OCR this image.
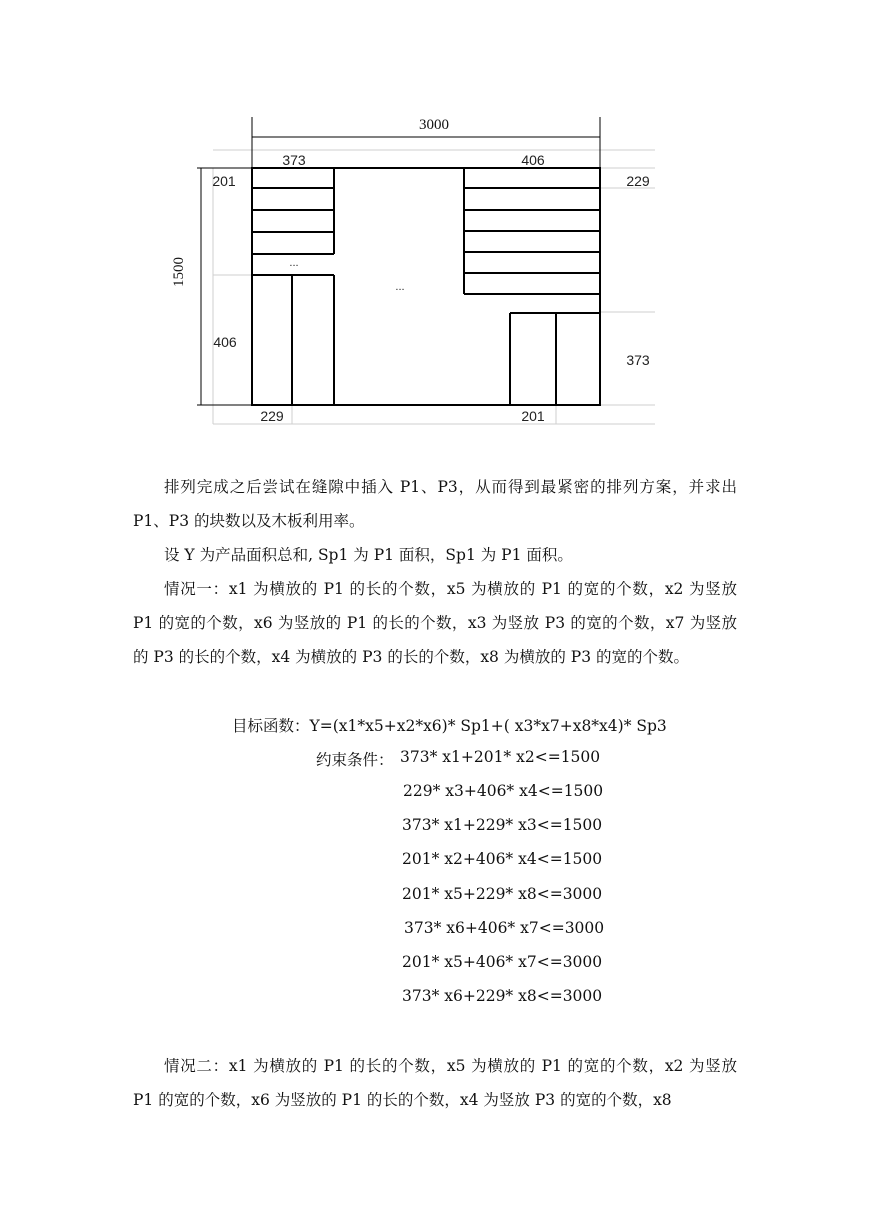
3000
1500
373	406
201	229
406
373
229	201
...
...
排列完成之后尝试在缝隙中插入 P1、P3，从而得到最紧密的排列方案，并求出 P1、P3 的块数以及木板利用率。
设 Y 为产品面积总和, Sp1 为 P1 面积，Sp1 为 P1 面积。
情况一：x1 为横放的 P1 的长的个数，x5 为横放的 P1 的宽的个数，x2 为竖放 P1 的宽的个数，x6 为竖放的 P1 的长的个数，x3 为竖放 P3 的宽的个数，x7 为竖放的 P3 的长的个数，x4 为横放的 P3 的长的个数，x8 为横放的 P3 的宽的个数。
目标函数：Y=(x1*x5+x2*x6)* Sp1+( x3*x7+x8*x4)* Sp3
约束条件： 373* x1+201* x2<=1500
229* x3+406* x4<=1500
373* x1+229* x3<=1500
201* x2+406* x4<=1500
201* x5+229* x8<=3000
373* x6+406* x7<=3000
201* x5+406* x7<=3000
373* x6+229* x8<=3000
情况二：x1 为横放的 P1 的长的个数，x5 为横放的 P1 的宽的个数，x2 为竖放 P1 的宽的个数，x6 为竖放的 P1 的长的个数，x4 为竖放 P3 的宽的个数，x8
